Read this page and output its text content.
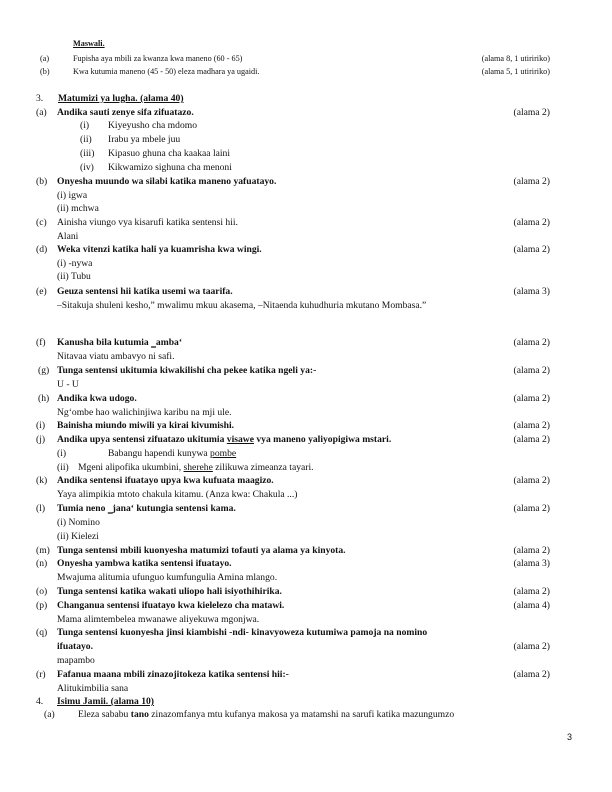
Maswali.
(a)	Fupisha aya mbili za kwanza kwa maneno (60 - 65)	(alama 8, 1 utiririko)
(b)	Kwa kutumia maneno (45 - 50) eleza madhara ya ugaidi.	(alama 5, 1 utiririko)
3. Matumizi ya lugha. (alama 40)
(a) Andika sauti zenye sifa zifuatazo.	(alama 2)
(i) Kiyeyusho cha mdomo
(ii) Irabu ya mbele juu
(iii) Kipasuo ghuna cha kaakaa laini
(iv) Kikwamizo sighuna cha menoni
(b) Onyesha muundo wa silabi katika maneno yafuatayo.	(alama 2)
(i) igwa
(ii) mchwa
(c) Ainisha viungo vya kisarufi katika sentensi hii.	(alama 2)
Alani
(d) Weka vitenzi katika hali ya kuamrisha kwa wingi.	(alama 2)
(i) -nywa
(ii) Tubu
(e) Geuza sentensi hii katika usemi wa taarifa.	(alama 3)
–Sitakuja shuleni kesho,” mwalimu mkuu akasema, –Nitaenda kuhudhuria mkutano Mombasa.”
(f) Kanusha bila kutumia ‗amba‘	(alama 2)
Nitavaa viatu ambavyo ni safi.
(g) Tunga sentensi ukitumia kiwakilishi cha pekee katika ngeli ya:-	(alama 2)
U - U
(h) Andika kwa udogo.	(alama 2)
Ng‘ombe hao walichinjiwa karibu na mji ule.
(i) Bainisha miundo miwili ya kirai kivumishi.	(alama 2)
(j) Andika upya sentensi zifuatazo ukitumia visawe vya maneno yaliyopigiwa mstari.	(alama 2)
(i)	Babangu hapendi kunywa pombe
(ii) Mgeni alipofika ukumbini, sherehe zilikuwa zimeanza tayari.
(k) Andika sentensi ifuatayo upya kwa kufuata maagizo.	(alama 2)
Yaya alimpikia mtoto chakula kitamu. (Anza kwa: Chakula ...)
(l) Tumia neno ‗jana‘ kutungia sentensi kama.	(alama 2)
(i) Nomino
(ii) Kielezi
(m) Tunga sentensi mbili kuonyesha matumizi tofauti ya alama ya kinyota.	(alama 2)
(n) Onyesha yambwa katika sentensi ifuatayo.	(alama 3)
Mwajuma alitumia ufunguo kumfungulia Amina mlango.
(o) Tunga sentensi katika wakati uliopo hali isiyothihirika.	(alama 2)
(p) Changanua sentensi ifuatayo kwa kielelezo cha matawi.	(alama 4)
Mama alimtembelea mwanawe aliyekuwa mgonjwa.
(q) Tunga sentensi kuonyesha jinsi kiambishi -ndi- kinavyoweza kutumiwa pamoja na nomino
ifuatayo.	(alama 2)
mapambo
(r) Fafanua maana mbili zinazojitokeza katika sentensi hii:-	(alama 2)
Alitukimbilia sana
4. Isimu Jamii. (alama 10)
(a) Eleza sababu tano zinazomfanya mtu kufanya makosa ya matamshi na sarufi katika mazungumzo
3
